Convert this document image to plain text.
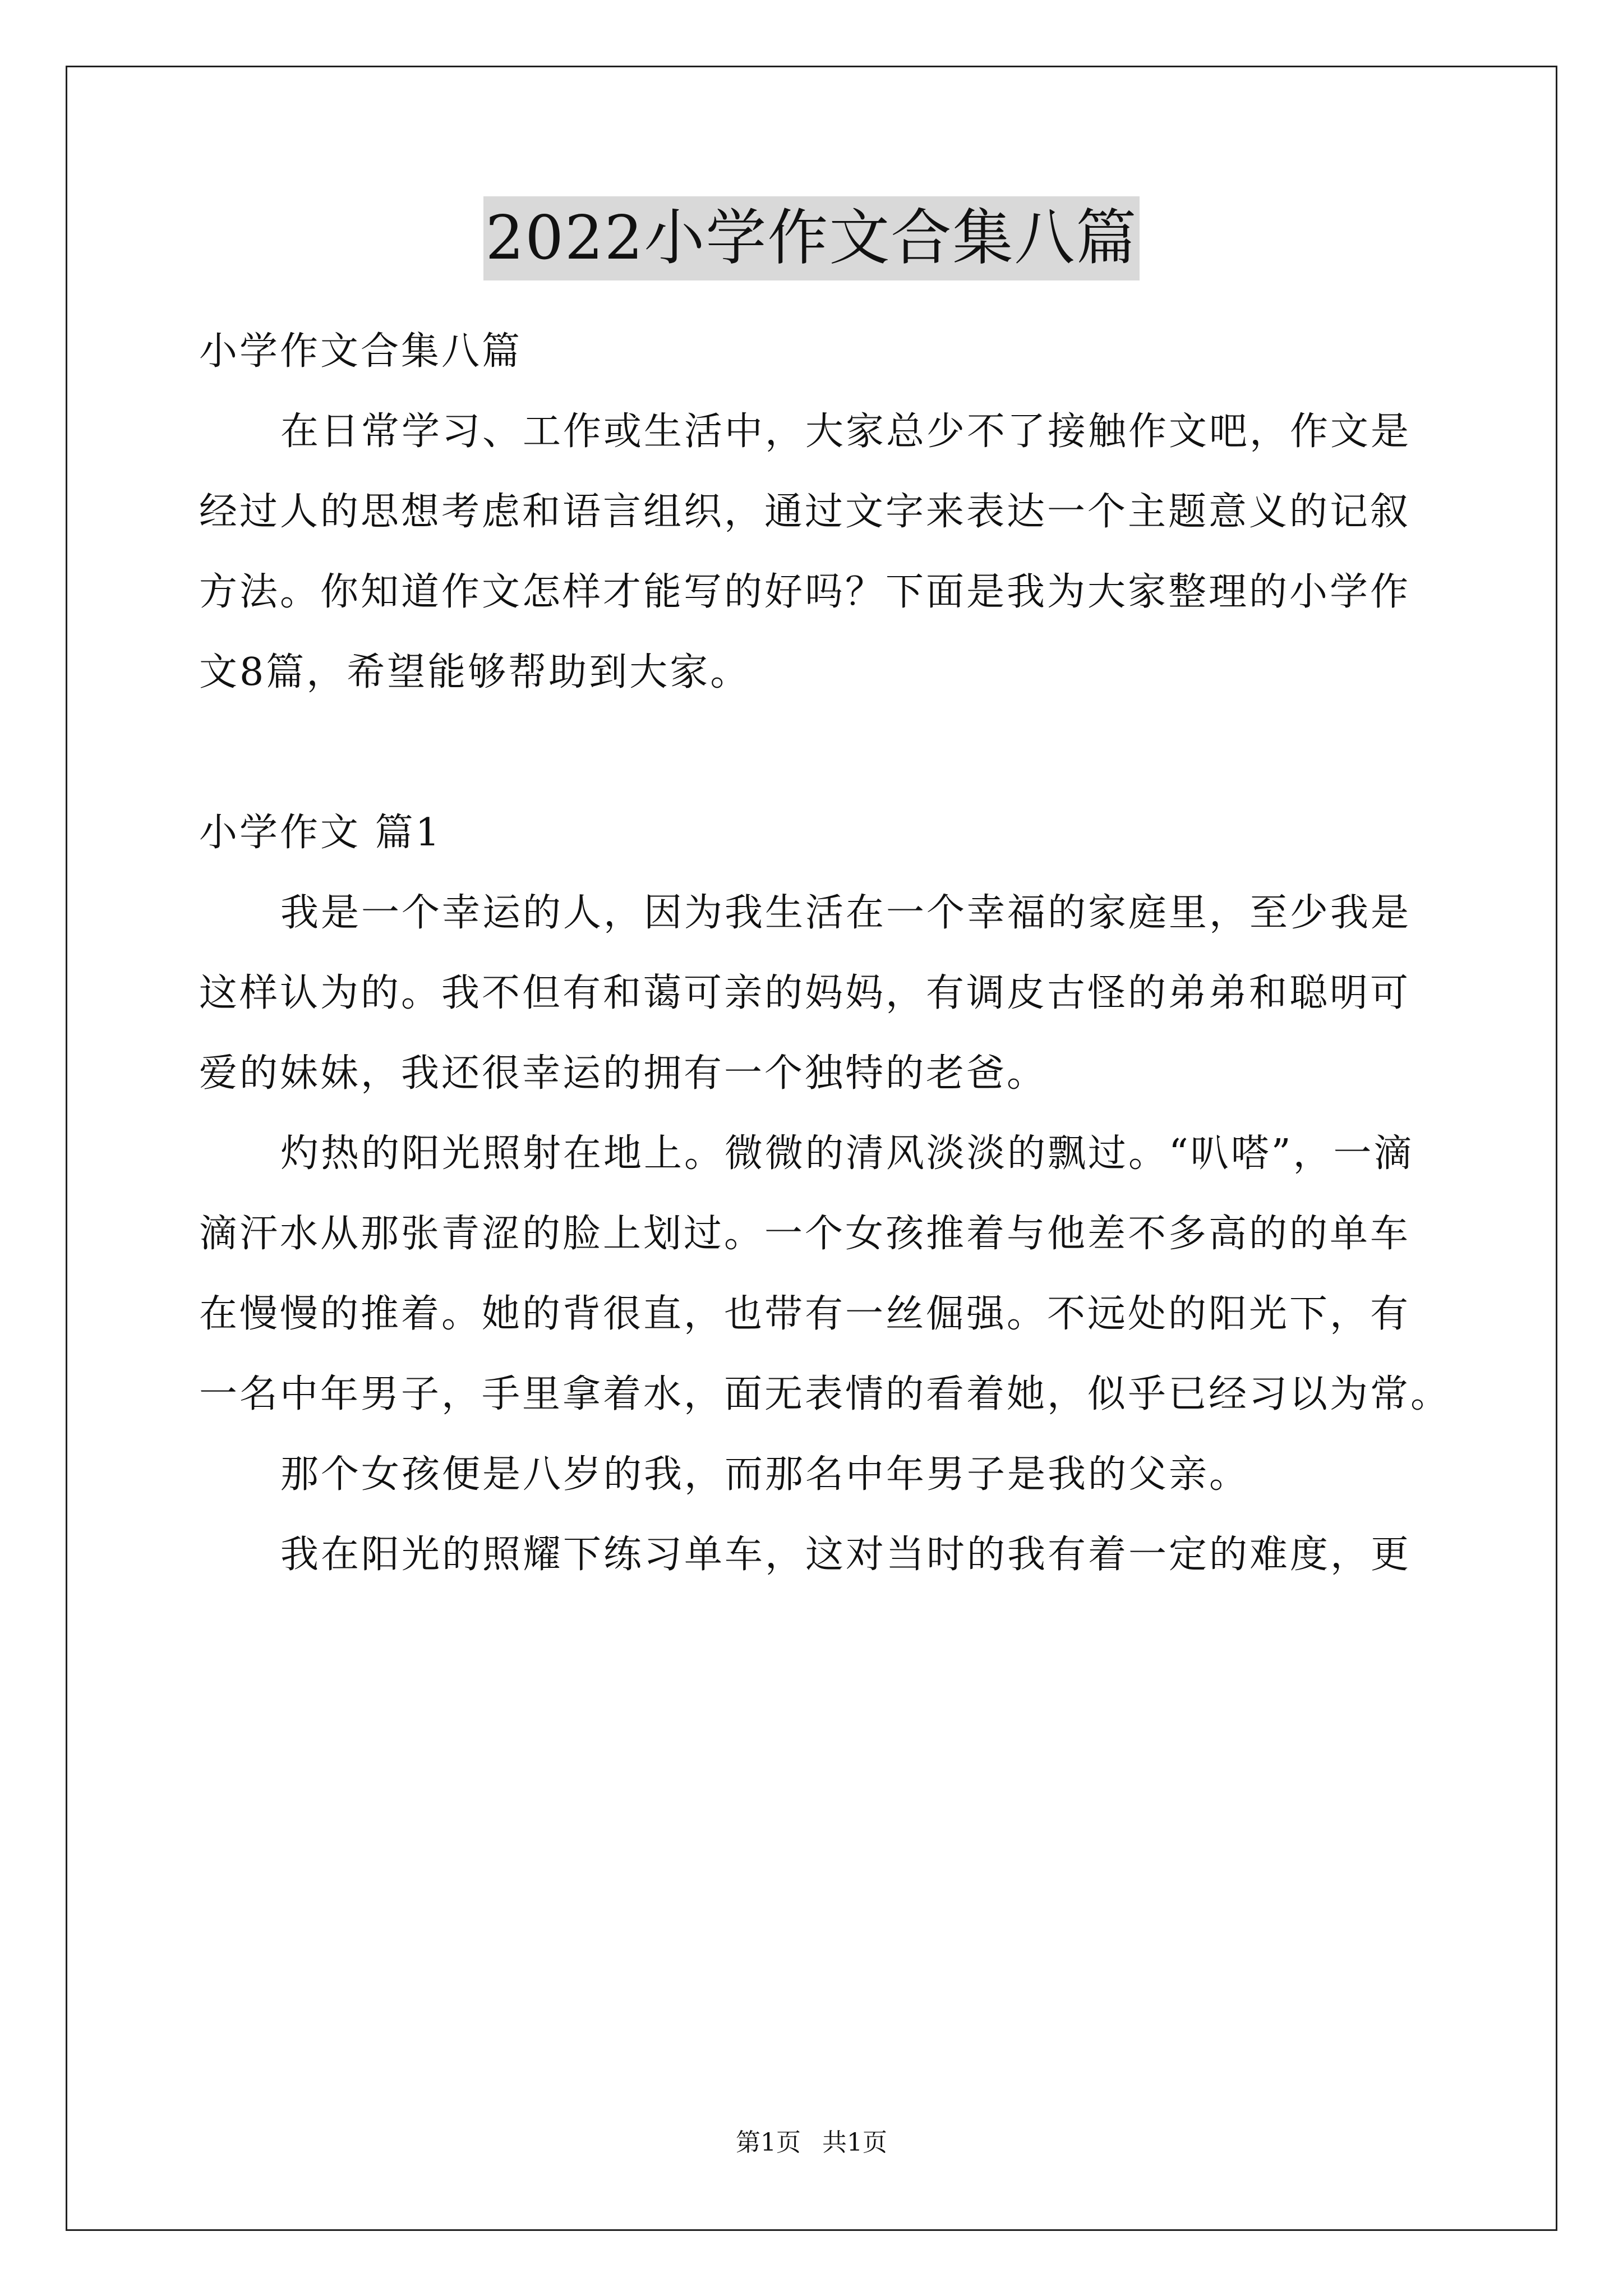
2022小学作文合集八篇
小学作文合集八篇
在日常学习、工作或生活中，大家总少不了接触作文吧，作文是
经过人的思想考虑和语言组织，通过文字来表达一个主题意义的记叙
方法。你知道作文怎样才能写的好吗？下面是我为大家整理的小学作
文8篇，希望能够帮助到大家。
小学作文 篇1
我是一个幸运的人，因为我生活在一个幸福的家庭里，至少我是
这样认为的。我不但有和蔼可亲的妈妈，有调皮古怪的弟弟和聪明可
爱的妹妹，我还很幸运的拥有一个独特的老爸。
灼热的阳光照射在地上。微微的清风淡淡的飘过。“叭嗒”，一滴
滴汗水从那张青涩的脸上划过。一个女孩推着与他差不多高的的单车
在慢慢的推着。她的背很直，也带有一丝倔强。不远处的阳光下，有
一名中年男子，手里拿着水，面无表情的看着她，似乎已经习以为常。
那个女孩便是八岁的我，而那名中年男子是我的父亲。
我在阳光的照耀下练习单车，这对当时的我有着一定的难度，更
第1页 共1页
